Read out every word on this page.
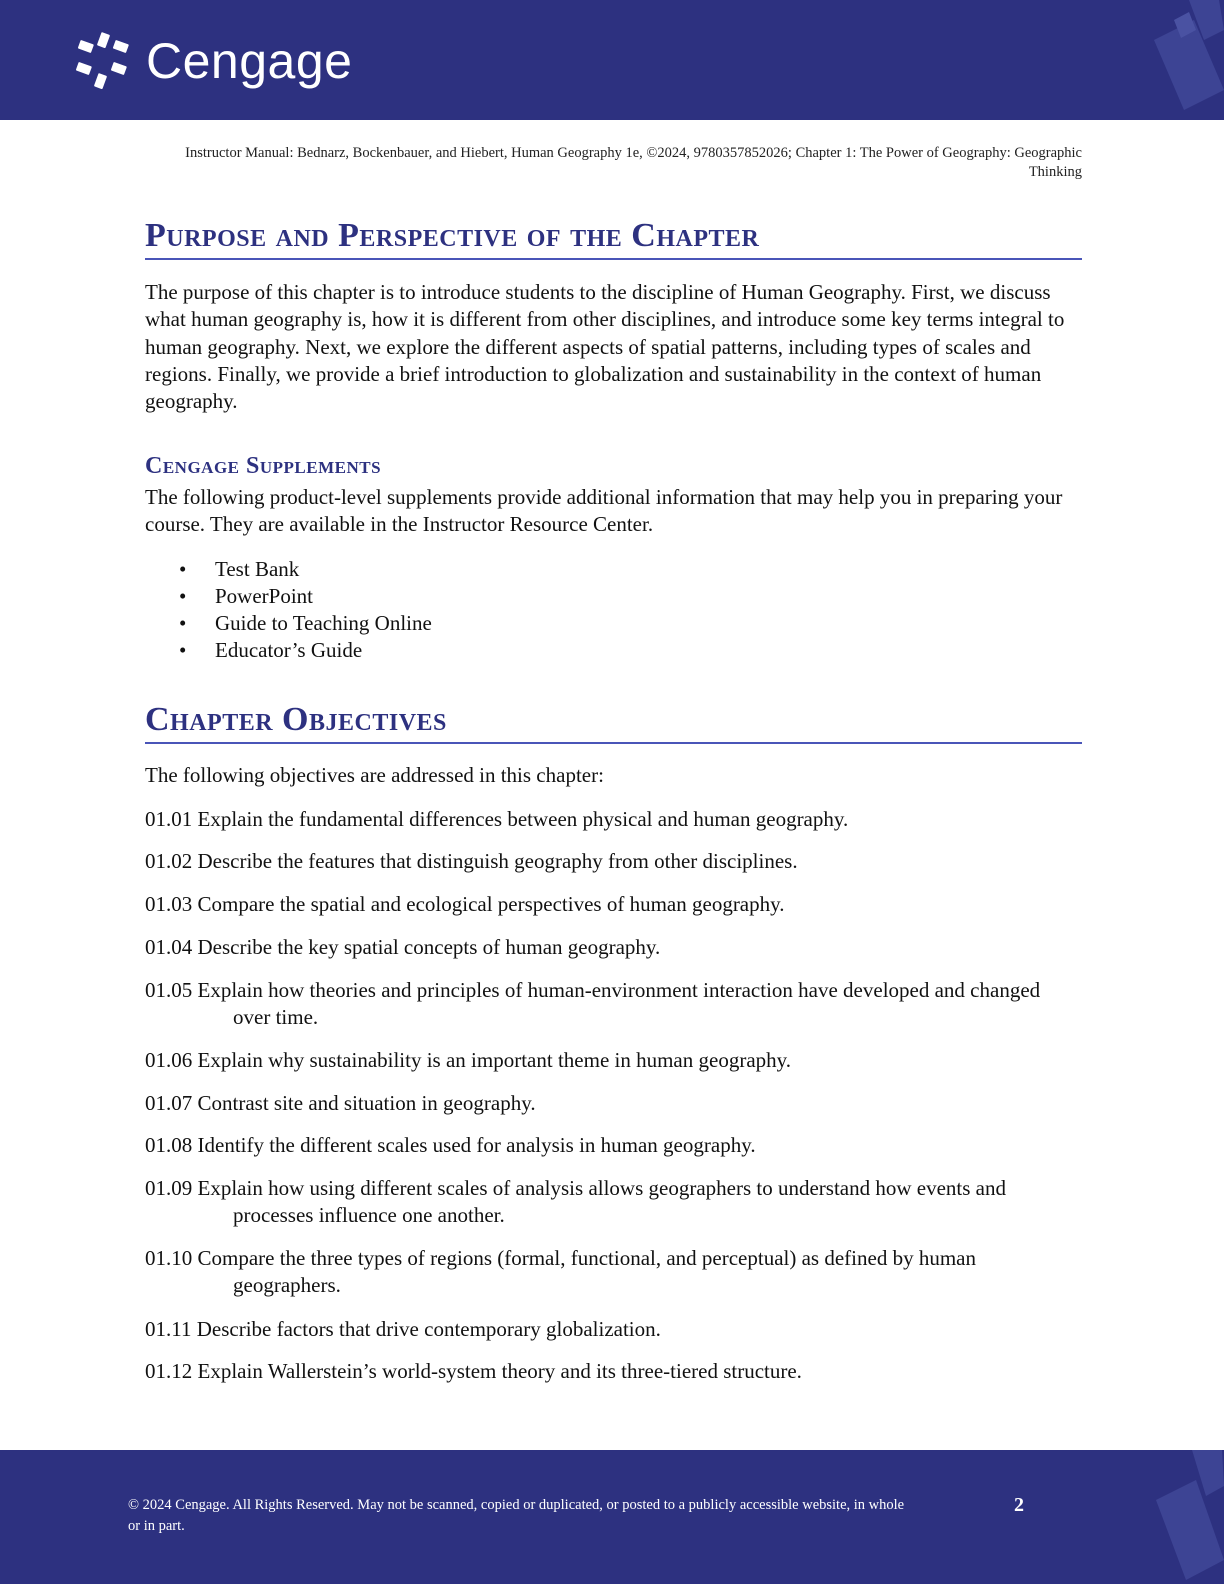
Cengage
Instructor Manual: Bednarz, Bockenbauer, and Hiebert, Human Geography 1e, ©2024, 9780357852026; Chapter 1: The Power of Geography: Geographic Thinking
Purpose and Perspective of the Chapter

The purpose of this chapter is to introduce students to the discipline of Human Geography. First, we discuss what human geography is, how it is different from other disciplines, and introduce some key terms integral to human geography. Next, we explore the different aspects of spatial patterns, including types of scales and regions. Finally, we provide a brief introduction to globalization and sustainability in the context of human geography.

Cengage Supplements

The following product-level supplements provide additional information that may help you in preparing your course. They are available in the Instructor Resource Center.

• Test Bank
• PowerPoint
• Guide to Teaching Online
• Educator’s Guide
Chapter Objectives

The following objectives are addressed in this chapter:

01.01 Explain the fundamental differences between physical and human geography.

01.02 Describe the features that distinguish geography from other disciplines.

01.03 Compare the spatial and ecological perspectives of human geography.

01.04 Describe the key spatial concepts of human geography.

01.05 Explain how theories and principles of human-environment interaction have developed and changed over time.

01.06 Explain why sustainability is an important theme in human geography.

01.07 Contrast site and situation in geography.

01.08 Identify the different scales used for analysis in human geography.

01.09 Explain how using different scales of analysis allows geographers to understand how events and processes influence one another.

01.10 Compare the three types of regions (formal, functional, and perceptual) as defined by human geographers.

01.11 Describe factors that drive contemporary globalization.

01.12 Explain Wallerstein’s world-system theory and its three-tiered structure.

© 2024 Cengage. All Rights Reserved. May not be scanned, copied or duplicated, or posted to a publicly accessible website, in whole or in part.
2
